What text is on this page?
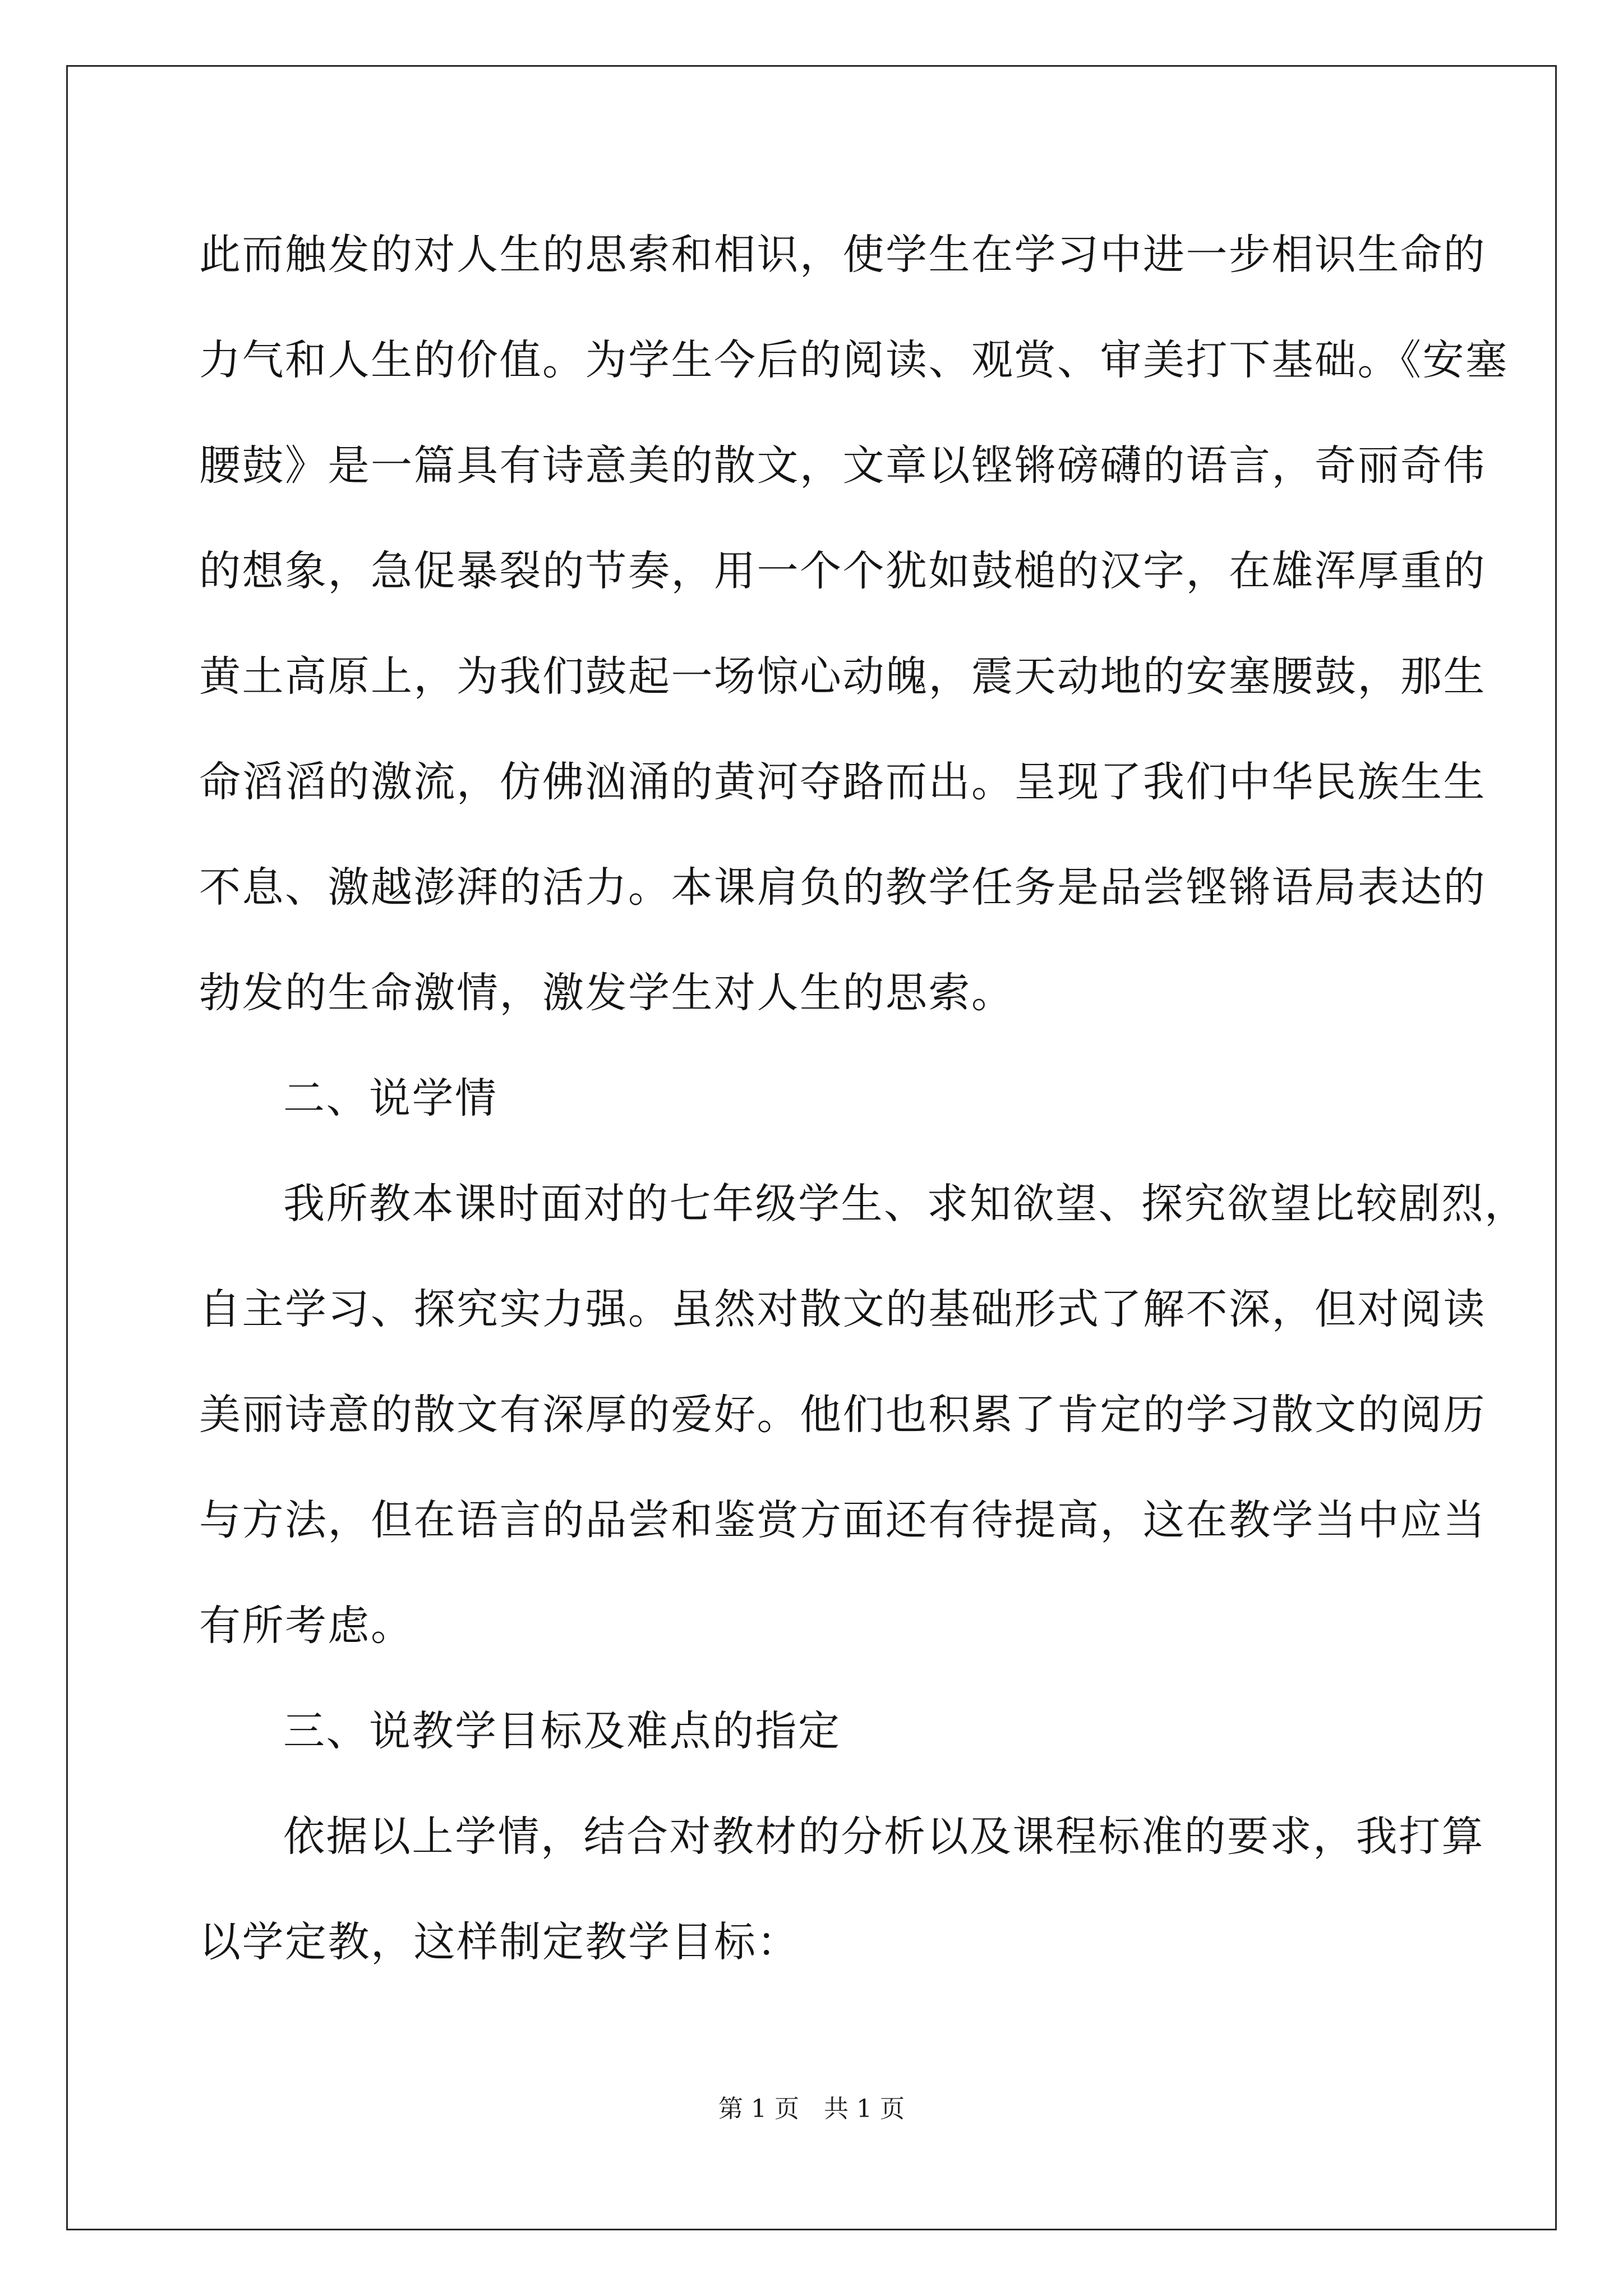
此而触发的对人生的思索和相识，使学生在学习中进一步相识生命的
力气和人生的价值。为学生今后的阅读、观赏、审美打下基础。《安塞
腰鼓》是一篇具有诗意美的散文，文章以铿锵磅礴的语言，奇丽奇伟
的想象，急促暴裂的节奏，用一个个犹如鼓槌的汉字，在雄浑厚重的
黄土高原上，为我们鼓起一场惊心动魄，震天动地的安塞腰鼓，那生
命滔滔的激流，仿佛汹涌的黄河夺路而出。呈现了我们中华民族生生
不息、激越澎湃的活力。本课肩负的教学任务是品尝铿锵语局表达的
勃发的生命激情，激发学生对人生的思索。
二、说学情
我所教本课时面对的七年级学生、求知欲望、探究欲望比较剧烈，
自主学习、探究实力强。虽然对散文的基础形式了解不深，但对阅读
美丽诗意的散文有深厚的爱好。他们也积累了肯定的学习散文的阅历
与方法，但在语言的品尝和鉴赏方面还有待提高，这在教学当中应当
有所考虑。
三、说教学目标及难点的指定
依据以上学情，结合对教材的分析以及课程标准的要求，我打算
以学定教，这样制定教学目标：
第 1 页 共 1 页
